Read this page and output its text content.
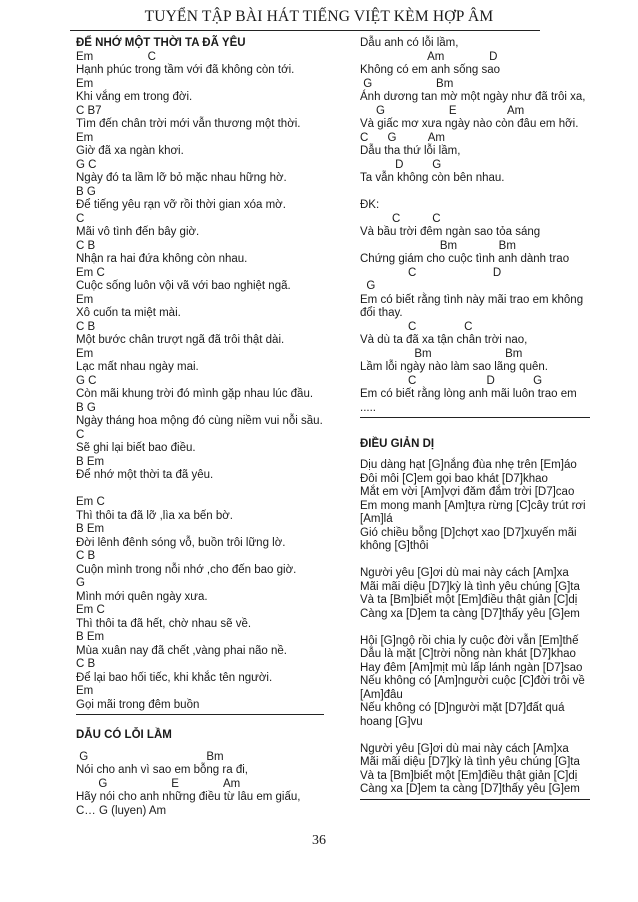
TUYỂN TẬP BÀI HÁT TIẾNG VIỆT KÈM HỢP ÂM
ĐỂ NHỚ MỘT THỜI TA ĐÃ YÊU
Em                 C
Hạnh phúc trong tầm với đã không còn tới.
Em
Khi vắng em trong đời.
C B7
Tìm đến chân trời mới vẫn thương một thời.
Em
Giờ đã xa ngàn khơi.
G C
Ngày đó ta lầm lỡ bỏ mặc nhau hững hờ.
B G
Để tiếng yêu rạn vỡ rồi thời gian xóa mờ.
C
Mãi vô tình đến bây giờ.
C B
Nhận ra hai đứa không còn nhau.
Em C
Cuộc sống luôn vội vã với bao nghiệt ngã.
Em
Xô cuốn ta miệt mài.
C B
Một bước chân trượt ngã đã trôi thật dài.
Em
Lạc mất nhau ngày mai.
G C
Còn mãi khung trời đó mình gặp nhau lúc đầu.
B G
Ngày tháng hoa mộng đó cùng niềm vui nỗi sầu.
C
Sẽ ghi lại biết bao điều.
B Em
Để nhớ một thời ta đã yêu.

Em C
Thì thôi ta đã lỡ ,lìa xa bến bờ.
B Em
Đời lênh đênh sóng vỗ, buồn trôi lững lờ.
C B
Cuộn mình trong nỗi nhớ ,cho đến bao giờ.
G
Mình mới quên ngày xưa.
Em C
Thì thôi ta đã hết, chờ nhau sẽ về.
B Em
Mùa xuân nay đã chết ,vàng phai não nề.
C B
Để lại bao hối tiếc, khi khắc tên người.
Em
Gọi mãi trong đêm buồn
DẪU CÓ LỖI LẦM
G                                     Bm
Nói cho anh vì sao em bỗng ra đi,
G                    E              Am
Hãy nói cho anh những điều từ lâu em giấu,
C… G (luyen) Am
Dẫu anh có lỗi lầm,
Am              D
Không có em anh sống sao
G                    Bm
Ánh dương tan mờ một ngày như đã trôi xa,
G                    E                Am
Và giấc mơ xưa ngày nào còn đâu em hỡi.
C      G          Am
Dẫu tha thứ lỗi lầm,
D         G
Ta vẫn không còn bên nhau.

ĐK:
C          C
Và bầu trời đêm ngàn sao tỏa sáng
Bm             Bm
Chứng giám cho cuộc tình anh dành trao
C                        D
G
Em có biết rằng tình này mãi trao em không đổi thay.
C               C
Và dù ta đã xa tận chân trời nao,
Bm                       Bm
Lầm lỗi ngày nào làm sao lãng quên.
C                      D            G
Em có biết rằng lòng anh mãi luôn trao em .....
ĐIỀU GIẢN DỊ
Dịu dàng hạt [G]nắng đùa nhẹ trên [Em]áo
Đôi môi [C]em gọi bao khát [D7]khao
Mắt em vời [Am]vợi đăm đắm trời [D7]cao
Em mong manh [Am]tựa rừng [C]cây trút rơi [Am]lá
Gió chiều bỗng [D]chợt xao [D7]xuyến mãi không [G]thôi
Người yêu [G]ơi dù mai này cách [Am]xa
Mãi mãi diệu [D7]kỳ là tình yêu chúng [G]ta
Và ta [Bm]biết một [Em]điều thật giản [C]dị
Càng xa [D]em ta càng [D7]thấy yêu [G]em
Hội [G]ngộ rồi chia ly cuộc đời vẫn [Em]thế
Dẫu là mặt [C]trời nồng nàn khát [D7]khao
Hay đêm [Am]mịt mù lấp lánh ngàn [D7]sao
Nếu không có [Am]người cuộc [C]đời trôi về [Am]đâu
Nếu không có [D]người mặt [D7]đất quá hoang [G]vu
Người yêu [G]ơi dù mai này cách [Am]xa
Mãi mãi diệu [D7]kỳ là tình yêu chúng [G]ta
Và ta [Bm]biết một [Em]điều thật giản [C]dị
Càng xa [D]em ta càng [D7]thấy yêu [G]em
36
